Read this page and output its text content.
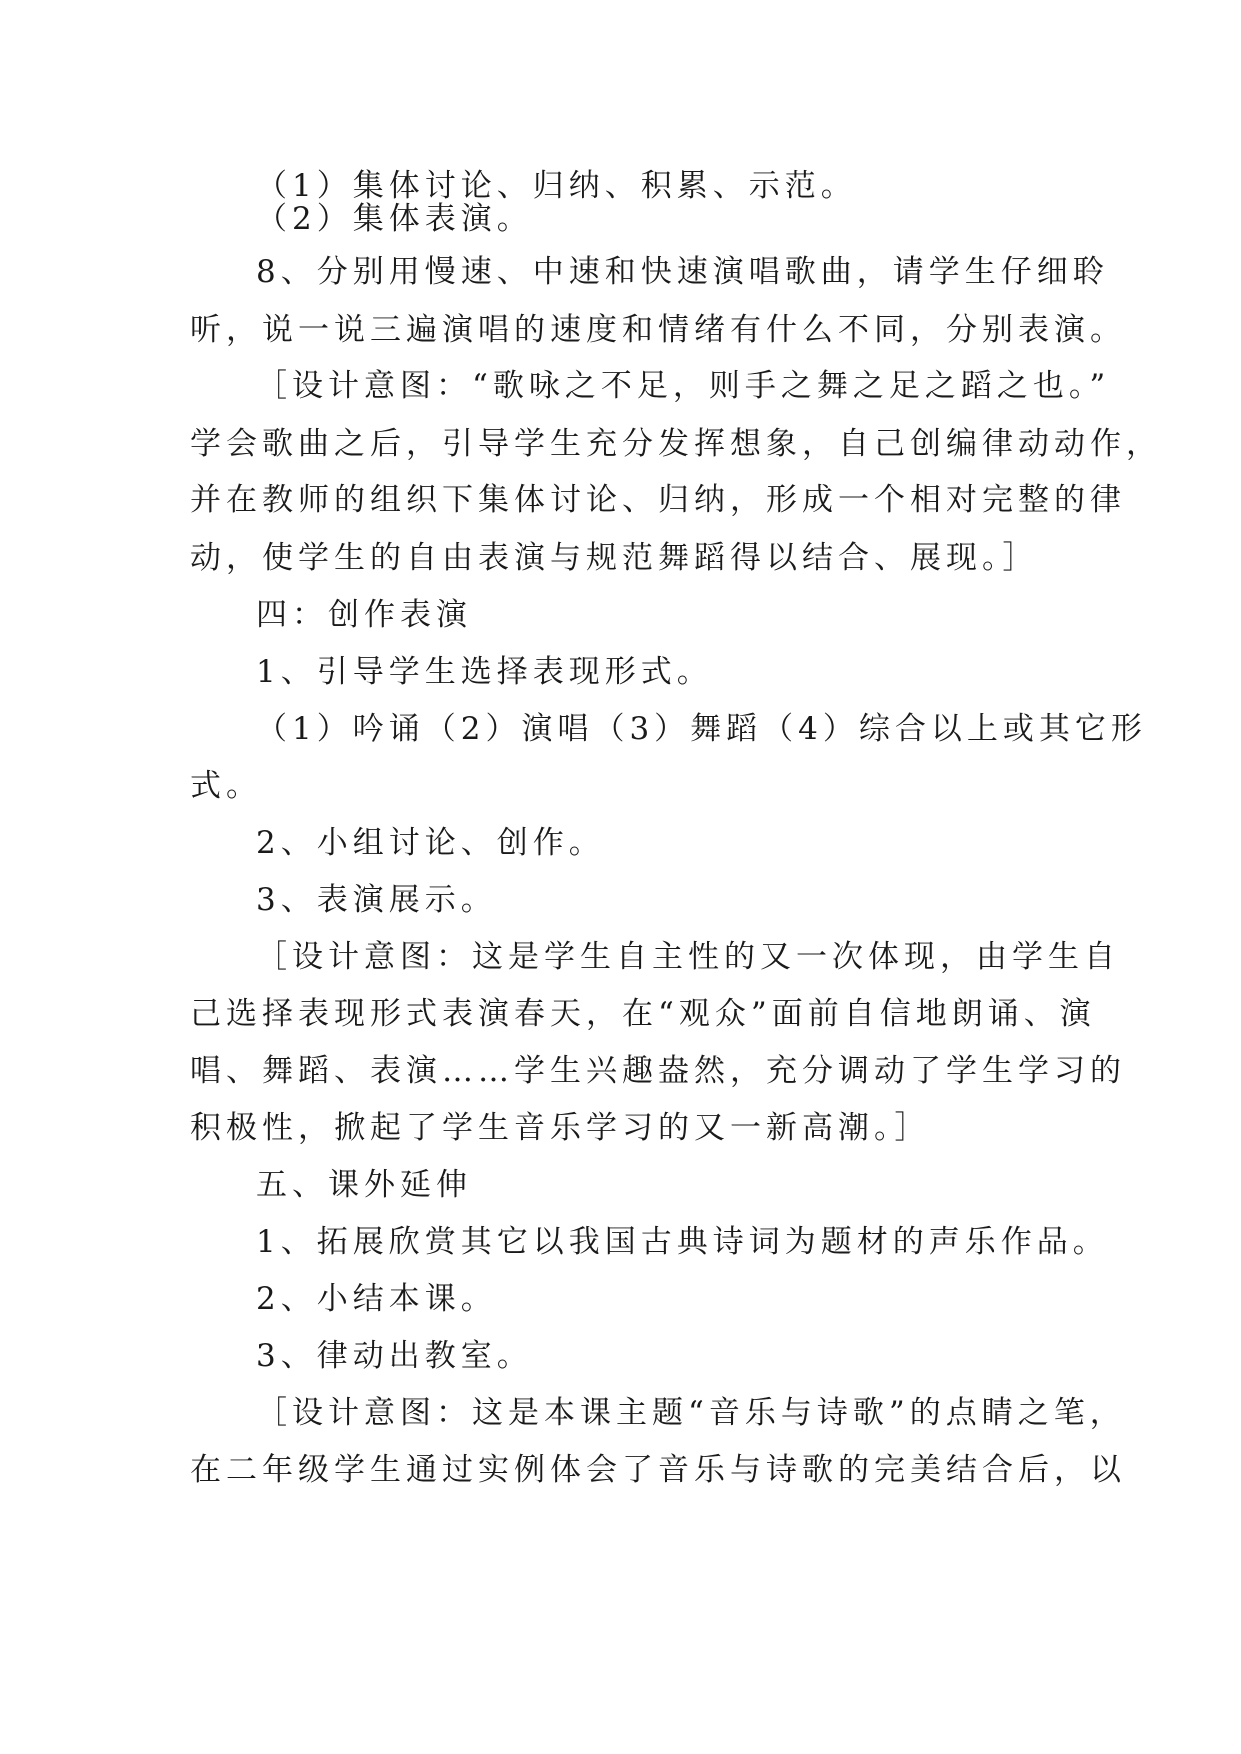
（1）集体讨论、归纳、积累、示范。
（2）集体表演。
8、分别用慢速、中速和快速演唱歌曲，请学生仔细聆
听，说一说三遍演唱的速度和情绪有什么不同，分别表演。
［设计意图：“歌咏之不足，则手之舞之足之蹈之也。”
学会歌曲之后，引导学生充分发挥想象，自己创编律动动作，
并在教师的组织下集体讨论、归纳，形成一个相对完整的律
动，使学生的自由表演与规范舞蹈得以结合、展现。］
四：创作表演
1、引导学生选择表现形式。
（1）吟诵（2）演唱（3）舞蹈（4）综合以上或其它形
式。
2、小组讨论、创作。
3、表演展示。
［设计意图：这是学生自主性的又一次体现，由学生自
己选择表现形式表演春天，在“观众”面前自信地朗诵、演
唱、舞蹈、表演……学生兴趣盎然，充分调动了学生学习的
积极性，掀起了学生音乐学习的又一新高潮。］
五、课外延伸
1、拓展欣赏其它以我国古典诗词为题材的声乐作品。
2、小结本课。
3、律动出教室。
［设计意图：这是本课主题“音乐与诗歌”的点睛之笔，
在二年级学生通过实例体会了音乐与诗歌的完美结合后，以
